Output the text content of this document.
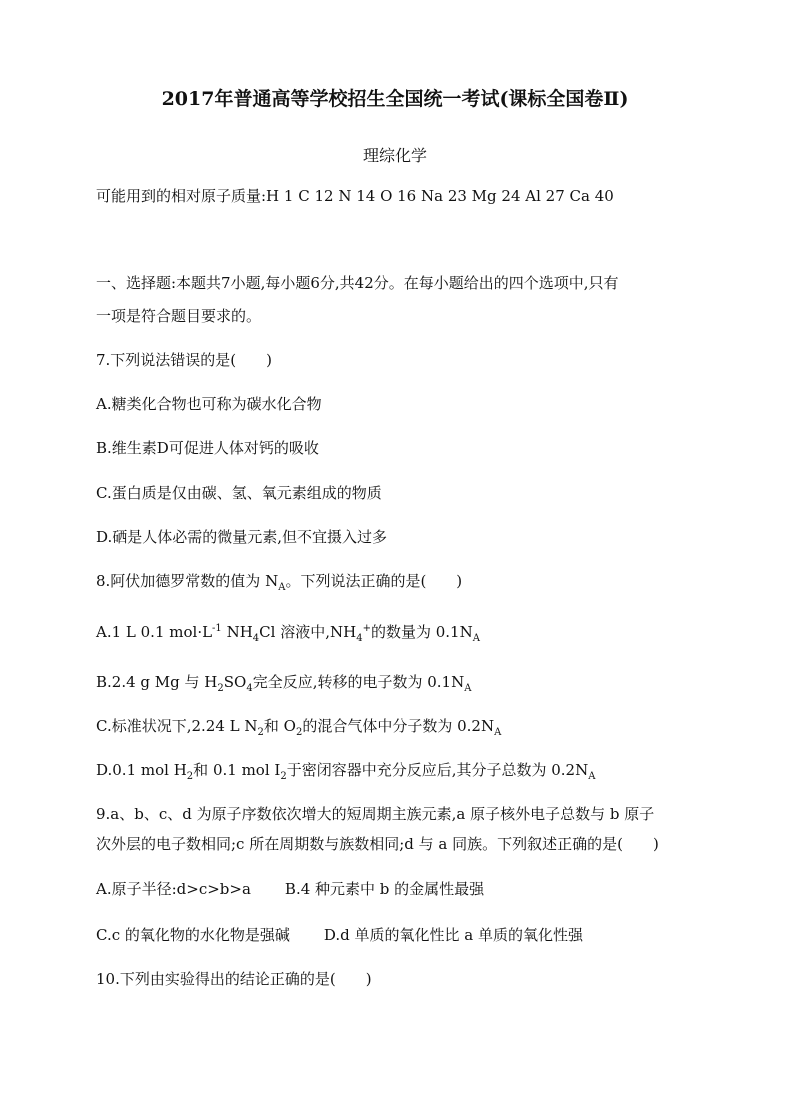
2017年普通高等学校招生全国统一考试(课标全国卷Ⅱ)
理综化学
可能用到的相对原子质量:H 1 C 12 N 14 O 16 Na 23 Mg 24 Al 27 Ca 40
一、选择题:本题共7小题,每小题6分,共42分。在每小题给出的四个选项中,只有
一项是符合题目要求的。
7.下列说法错误的是(　　)
A.糖类化合物也可称为碳水化合物
B.维生素D可促进人体对钙的吸收
C.蛋白质是仅由碳、氢、氧元素组成的物质
D.硒是人体必需的微量元素,但不宜摄入过多
8.阿伏加德罗常数的值为 $N_A$。下列说法正确的是(　　)
A.1 L 0.1 $mol\cdot L^{-1}$ $NH_4Cl$ 溶液中$,NH_4^+$的数量为 $0.1N_A$
B.2.4 g Mg 与 $H_2SO_4$完全反应,转移的电子数为 $0.1N_A$
C.标准状况下,2.24 L $N_2$和 $O_2$的混合气体中分子数为 $0.2N_A$
D.0.1 mol $H_2$和 0.1 mol $I_2$于密闭容器中充分反应后,其分子总数为 $0.2N_A$
9.a、b、c、d 为原子序数依次增大的短周期主族元素,a 原子核外电子总数与 b 原子
次外层的电子数相同;c 所在周期数与族数相同;d 与 a 同族。下列叙述正确的是(　　)
A.原子半径:d>c>b>a B.4 种元素中 b 的金属性最强
C.c 的氧化物的水化物是强碱 D.d 单质的氧化性比 a 单质的氧化性强
10.下列由实验得出的结论正确的是(　　)
